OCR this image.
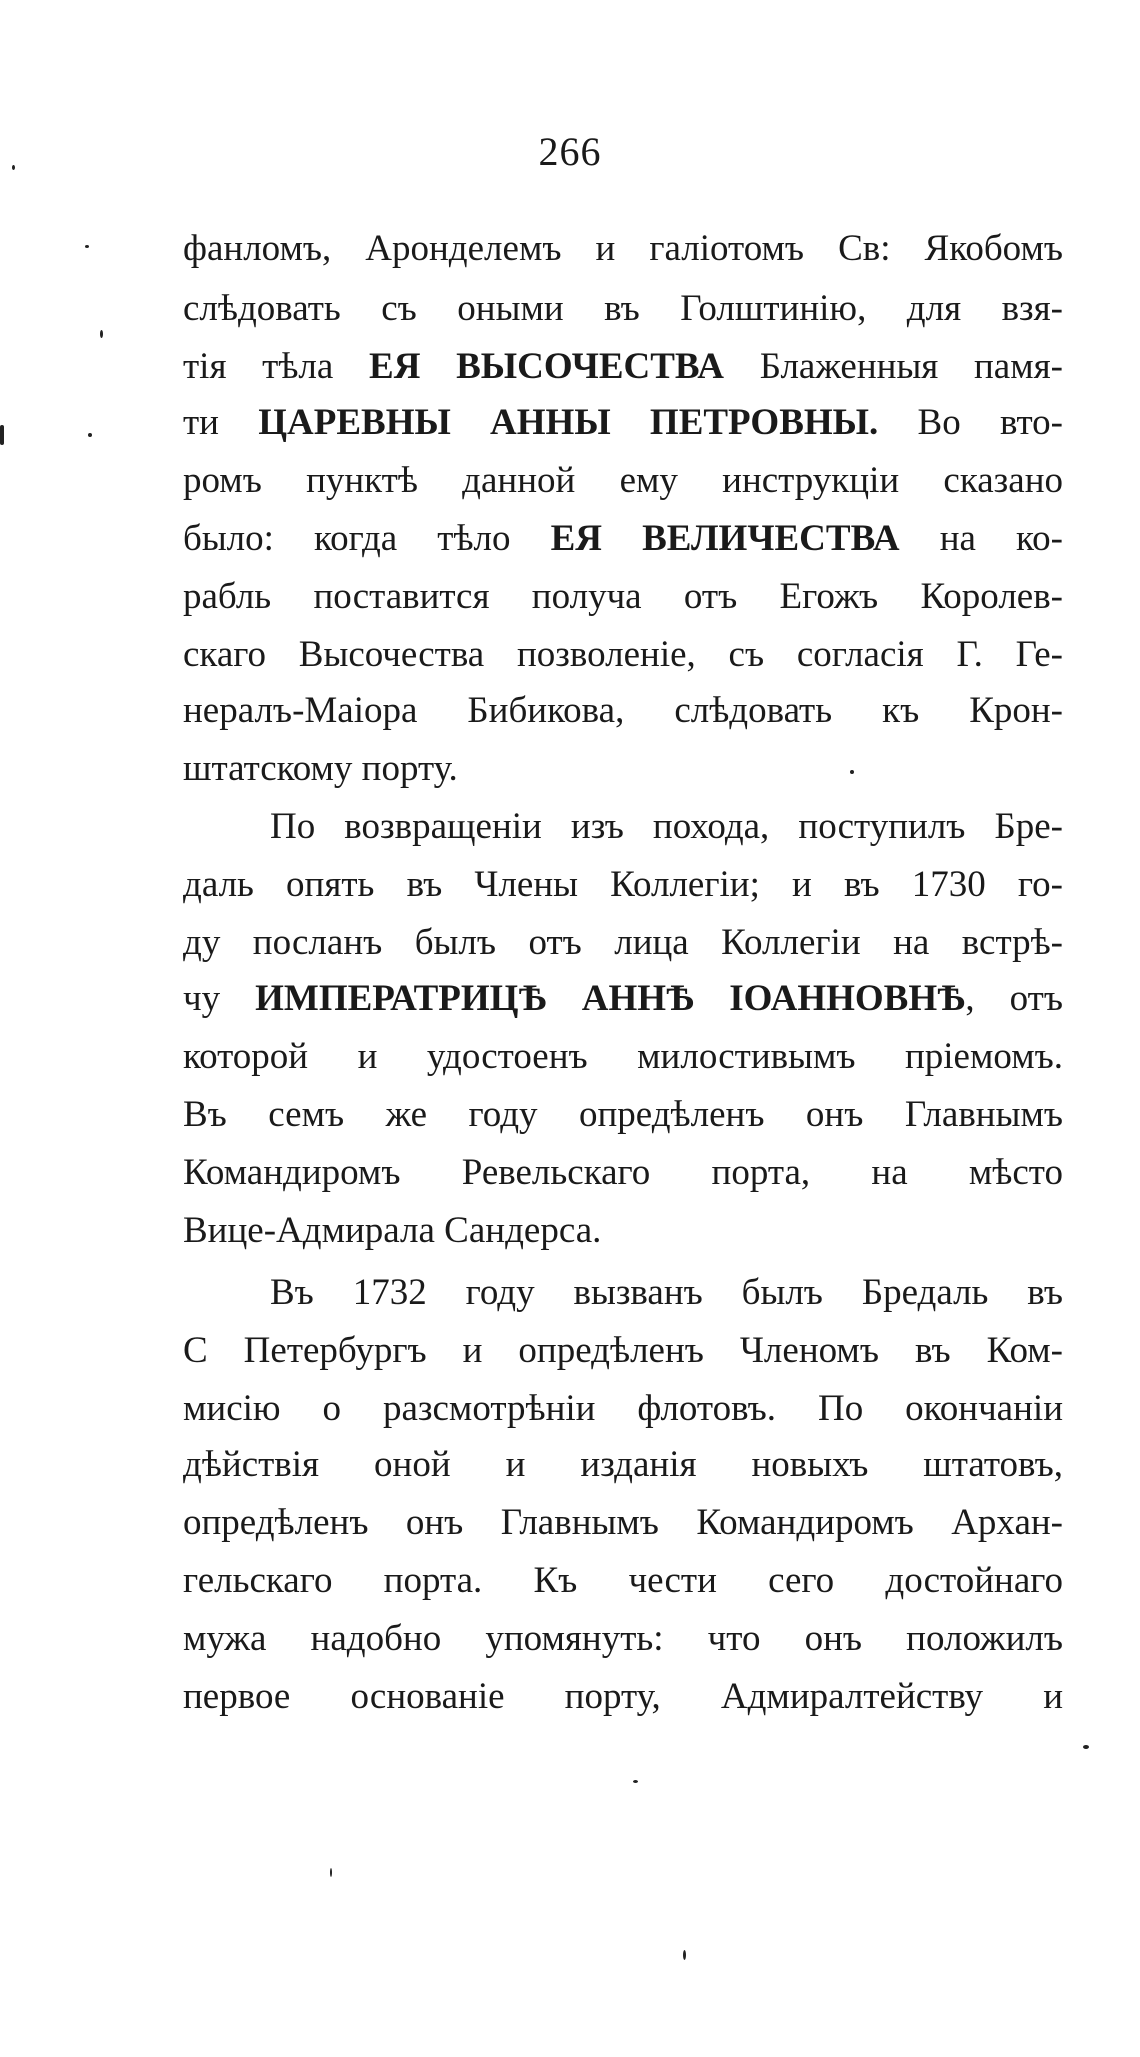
266
фанломъ, Аронделемъ и галіотомъ Св: Якобомъ
слѣдовать съ оными въ Голштинію, для взя-
тія тѣла ЕЯ ВЫСОЧЕСТВА Блаженныя памя-
ти ЦАРЕВНЫ АННЫ ПЕТРОВНЫ. Во вто-
ромъ пунктѣ данной ему инструкціи сказано
было: когда тѣло ЕЯ ВЕЛИЧЕСТВА на ко-
рабль поставится получа отъ Егожъ Королев-
скаго Высочества позволеніе, съ согласія Г. Ге-
нералъ-Маіора Бибикова, слѣдовать къ Крон-
штатскому порту.
По возвращеніи изъ похода, поступилъ Бре-
даль опять въ Члены Коллегіи; и въ 1730 го-
ду посланъ былъ отъ лица Коллегіи на встрѣ-
чу ИМПЕРАТРИЦѢ АННѢ ІОАННОВНѢ, отъ
которой и удостоенъ милостивымъ пріемомъ.
Въ семъ же году опредѣленъ онъ Главнымъ
Командиромъ Ревельскаго порта, на мѣсто
Вице-Адмирала Сандерса.
Въ 1732 году вызванъ былъ Бредаль въ
С Петербургъ и опредѣленъ Членомъ въ Ком-
мисію о разсмотрѣніи флотовъ. По окончаніи
дѣйствія оной и изданія новыхъ штатовъ,
опредѣленъ онъ Главнымъ Командиромъ Архан-
гельскаго порта. Къ чести сего достойнаго
мужа надобно упомянуть: что онъ положилъ
первое основаніе порту, Адмиралтейству и
